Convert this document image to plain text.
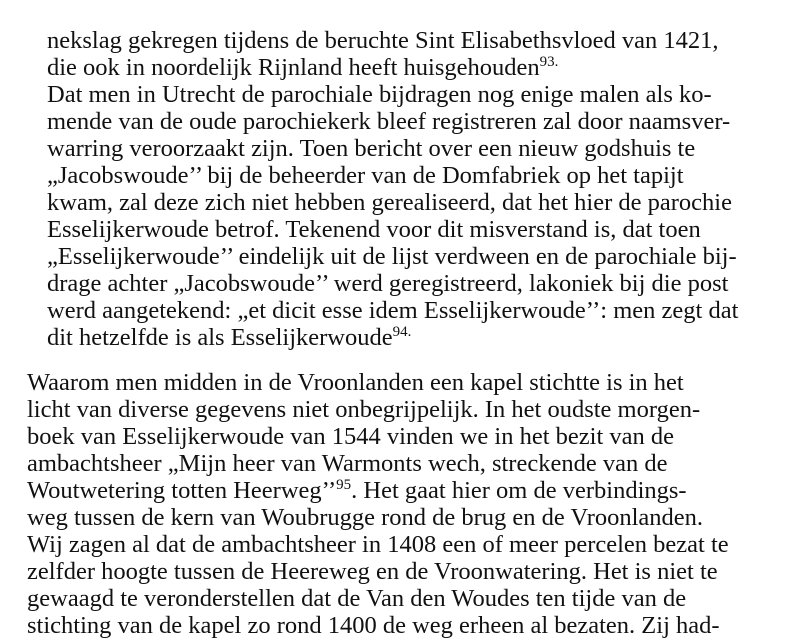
nekslag gekregen tijdens de beruchte Sint Elisabethsvloed van 1421,

die ook in noordelijk Rijnland heeft huisgehouden$^{93.}$

Dat men in Utrecht de parochiale bijdragen nog enige malen als ko-

mende van de oude parochiekerk bleef registreren zal door naamsver-

warring veroorzaakt zijn. Toen bericht over een nieuw godshuis te

„Jacobswoude’’ bij de beheerder van de Domfabriek op het tapijt

kwam, zal deze zich niet hebben gerealiseerd, dat het hier de parochie

Esselijkerwoude betrof. Tekenend voor dit misverstand is, dat toen

„Esselijkerwoude’’ eindelijk uit de lijst verdween en de parochiale bij-

drage achter „Jacobswoude’’ werd geregistreerd, lakoniek bij die post

werd aangetekend: „et dicit esse idem Esselijkerwoude’’: men zegt dat

dit hetzelfde is als Esselijkerwoude$^{94.}$

Waarom men midden in de Vroonlanden een kapel stichtte is in het

licht van diverse gegevens niet onbegrijpelijk. In het oudste morgen-

boek van Esselijkerwoude van 1544 vinden we in het bezit van de

ambachtsheer „Mijn heer van Warmonts wech, streckende van de

Woutwetering totten Heerweg’’$^{95}$. Het gaat hier om de verbindings-

weg tussen de kern van Woubrugge rond de brug en de Vroonlanden.

Wij zagen al dat de ambachtsheer in 1408 een of meer percelen bezat te

zelfder hoogte tussen de Heereweg en de Vroonwatering. Het is niet te

gewaagd te veronderstellen dat de Van den Woudes ten tijde van de

stichting van de kapel zo rond 1400 de weg erheen al bezaten. Zij had-
